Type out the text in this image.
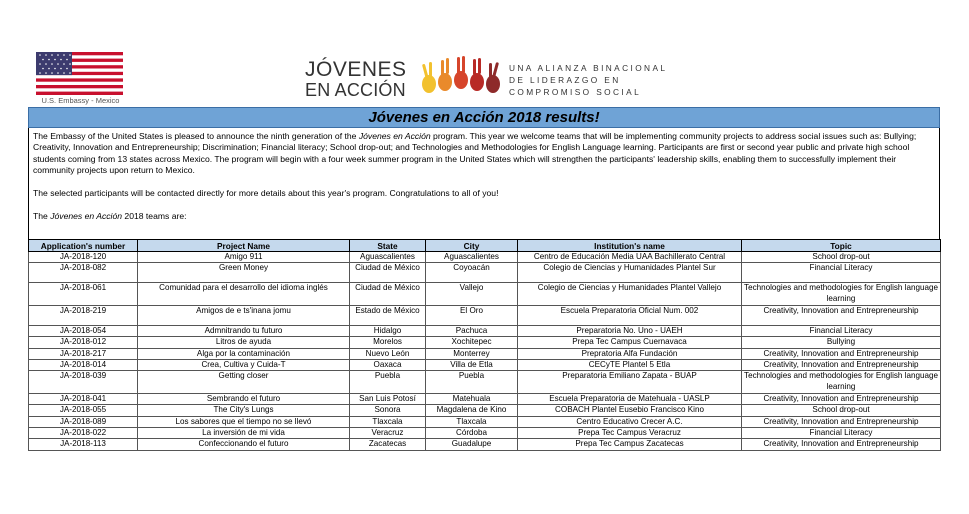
U.S. Embassy - Mexico
JÓVENES
EN ACCIÓN
UNA ALIANZA BINACIONAL
DE LIDERAZGO EN
COMPROMISO SOCIAL
Jóvenes en Acción 2018 results!

The Embassy of the United States is pleased to announce the ninth generation of the Jóvenes en Acción program. This year we welcome teams that will be implementing community projects to address social issues such as: Bullying; Creativity, Innovation and Entrepreneurship; Discrimination; Financial literacy; School drop-out; and Technologies and Methodologies for English Language learning. Participants are first or second year public and private high school students coming from 13 states across Mexico. The program will begin with a four week summer program in the United States which will strengthen the participants' leadership skills, enabling them to successfully implement their community projects upon return to Mexico.

The selected participants will be contacted directly for more details about this year's program. Congratulations to all of you!

The Jóvenes en Acción 2018 teams are:

Application's number	Project Name	State	City	Institution's name	Topic
JA-2018-120	Amigo 911	Aguascalientes	Aguascalientes	Centro de Educación Media UAA Bachillerato Central	School drop-out
JA-2018-082	Green Money	Ciudad de México	Coyoacán	Colegio de Ciencias y Humanidades Plantel Sur	Financial Literacy
JA-2018-061	Comunidad para el desarrollo del idioma inglés	Ciudad de México	Vallejo	Colegio de Ciencias y Humanidades Plantel Vallejo	Technologies and methodologies for English language learning
JA-2018-219	Amigos de e ts'inana jomu	Estado de México	El Oro	Escuela Preparatoria Oficial Num. 002	Creativity, Innovation and Entrepreneurship
JA-2018-054	Admnitrando tu futuro	Hidalgo	Pachuca	Preparatoria No. Uno - UAEH	Financial Literacy
JA-2018-012	Litros de ayuda	Morelos	Xochitepec	Prepa Tec Campus Cuernavaca	Bullying
JA-2018-217	Alga por la contaminación	Nuevo León	Monterrey	Prepratoria Alfa Fundación	Creativity, Innovation and Entrepreneurship
JA-2018-014	Crea, Cultiva y Cuida-T	Oaxaca	Villa de Etla	CECyTE Plantel 5 Etla	Creativity, Innovation and Entrepreneurship
JA-2018-039	Getting closer	Puebla	Puebla	Preparatoria Emiliano Zapata - BUAP	Technologies and methodologies for English language learning
JA-2018-041	Sembrando el futuro	San Luis Potosí	Matehuala	Escuela Preparatoria de Matehuala - UASLP	Creativity, Innovation and Entrepreneurship
JA-2018-055	The City's Lungs	Sonora	Magdalena de Kino	COBACH Plantel Eusebio Francisco Kino	School drop-out
JA-2018-089	Los sabores que el tiempo no se llevó	Tlaxcala	Tlaxcala	Centro Educativo Crecer A.C.	Creativity, Innovation and Entrepreneurship
JA-2018-022	La inversión de mi vida	Veracruz	Córdoba	Prepa Tec Campus Veracruz	Financial Literacy
JA-2018-113	Confeccionando el futuro	Zacatecas	Guadalupe	Prepa Tec Campus Zacatecas	Creativity, Innovation and Entrepreneurship
